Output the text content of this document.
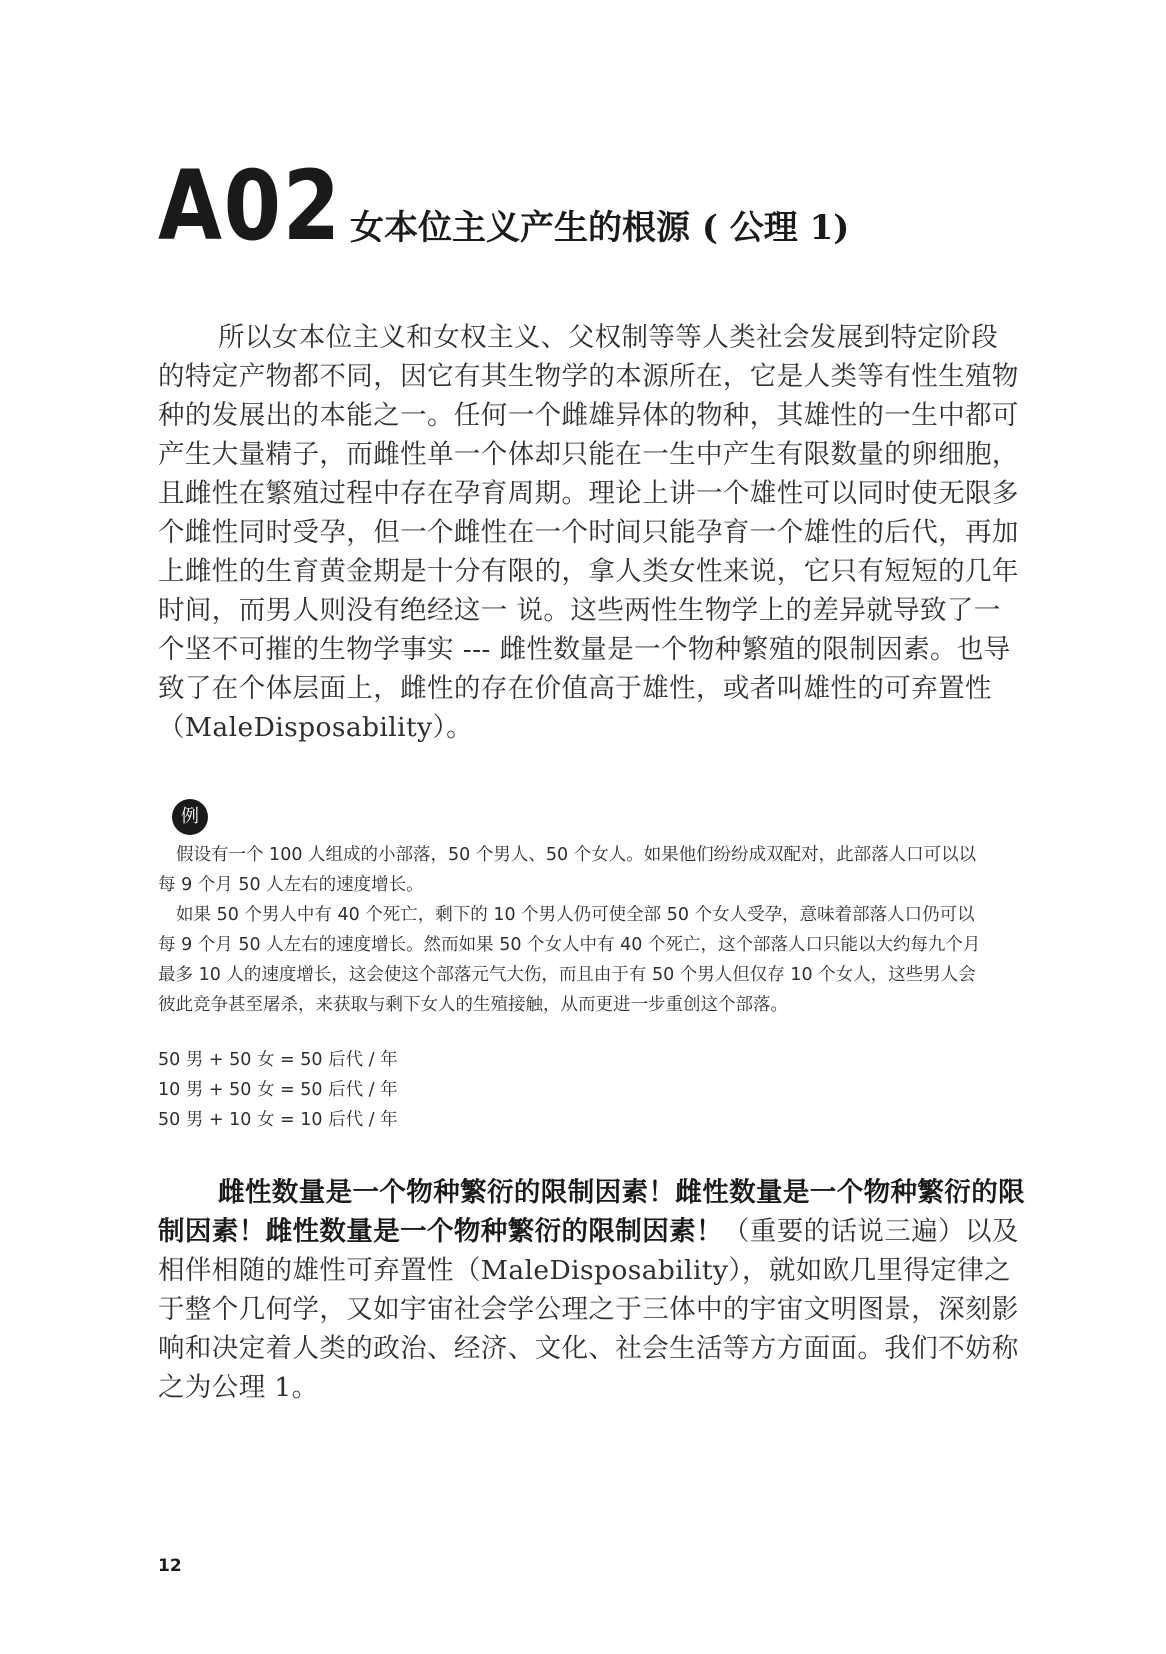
A02 女本位主义产生的根源 ( 公理 1)
所以女本位主义和女权主义、父权制等等人类社会发展到特定阶段
的特定产物都不同，因它有其生物学的本源所在，它是人类等有性生殖物
种的发展出的本能之一。任何一个雌雄异体的物种，其雄性的一生中都可
产生大量精子，而雌性单一个体却只能在一生中产生有限数量的卵细胞，
且雌性在繁殖过程中存在孕育周期。理论上讲一个雄性可以同时使无限多
个雌性同时受孕，但一个雌性在一个时间只能孕育一个雄性的后代，再加
上雌性的生育黄金期是十分有限的，拿人类女性来说，它只有短短的几年
时间，而男人则没有绝经这一 说。这些两性生物学上的差异就导致了一
个坚不可摧的生物学事实 --- 雌性数量是一个物种繁殖的限制因素。也导
致了在个体层面上，雌性的存在价值高于雄性，或者叫雄性的可弃置性
（MaleDisposability）。
例
假设有一个 100 人组成的小部落，50 个男人、50 个女人。如果他们纷纷成双配对，此部落人口可以以
每 9 个月 50 人左右的速度增长。
如果 50 个男人中有 40 个死亡，剩下的 10 个男人仍可使全部 50 个女人受孕，意味着部落人口仍可以
每 9 个月 50 人左右的速度增长。然而如果 50 个女人中有 40 个死亡，这个部落人口只能以大约每九个月
最多 10 人的速度增长，这会使这个部落元气大伤，而且由于有 50 个男人但仅存 10 个女人，这些男人会
彼此竞争甚至屠杀，来获取与剩下女人的生殖接触，从而更进一步重创这个部落。
50 男 + 50 女 = 50 后代 / 年
10 男 + 50 女 = 50 后代 / 年
50 男 + 10 女 = 10 后代 / 年
雌性数量是一个物种繁衍的限制因素！雌性数量是一个物种繁衍的限
制因素！雌性数量是一个物种繁衍的限制因素！（重要的话说三遍）以及
相伴相随的雄性可弃置性（MaleDisposability），就如欧几里得定律之
于整个几何学，又如宇宙社会学公理之于三体中的宇宙文明图景，深刻影
响和决定着人类的政治、经济、文化、社会生活等方方面面。我们不妨称
之为公理 1。
12
